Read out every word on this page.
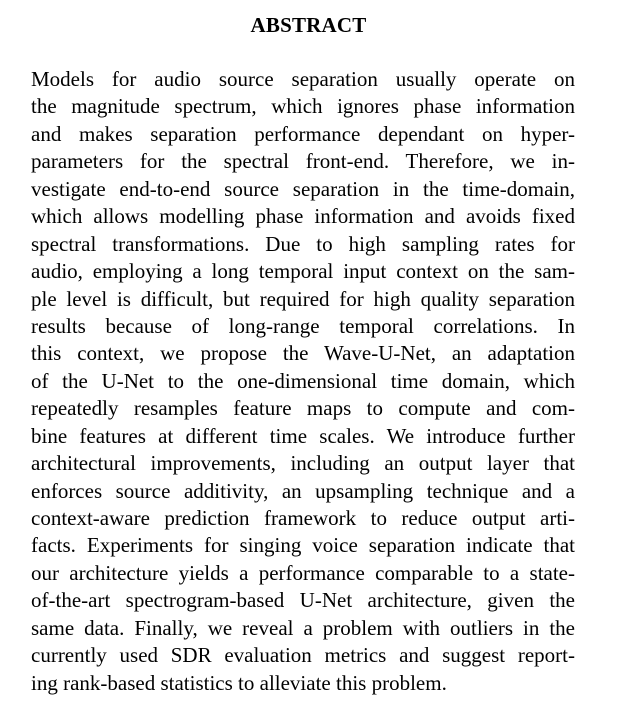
ABSTRACT
Models for audio source separation usually operate on
the magnitude spectrum, which ignores phase information
and makes separation performance dependant on hyper-
parameters for the spectral front-end. Therefore, we in-
vestigate end-to-end source separation in the time-domain,
which allows modelling phase information and avoids fixed
spectral transformations. Due to high sampling rates for
audio, employing a long temporal input context on the sam-
ple level is difficult, but required for high quality separation
results because of long-range temporal correlations. In
this context, we propose the Wave-U-Net, an adaptation
of the U-Net to the one-dimensional time domain, which
repeatedly resamples feature maps to compute and com-
bine features at different time scales. We introduce further
architectural improvements, including an output layer that
enforces source additivity, an upsampling technique and a
context-aware prediction framework to reduce output arti-
facts. Experiments for singing voice separation indicate that
our architecture yields a performance comparable to a state-
of-the-art spectrogram-based U-Net architecture, given the
same data. Finally, we reveal a problem with outliers in the
currently used SDR evaluation metrics and suggest report-
ing rank-based statistics to alleviate this problem.
